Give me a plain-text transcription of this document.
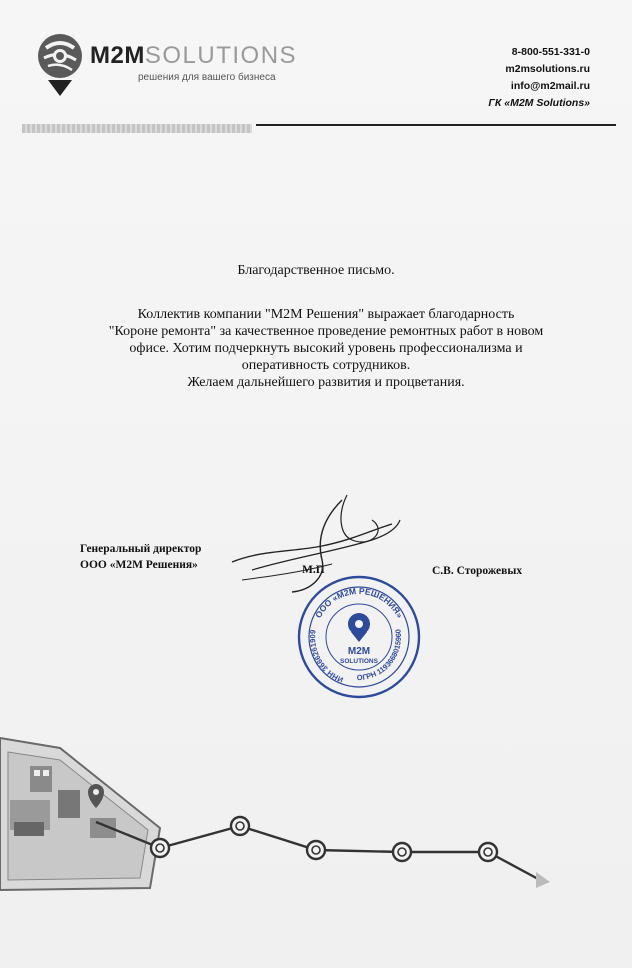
M2MSOLUTIONS
решения для вашего бизнеса
8-800-551-331-0
m2msolutions.ru
info@m2mail.ru
ГК «M2M Solutions»
Благодарственное письмо.
Коллектив компании "М2М Решения" выражает благодарность
"Короне ремонта" за качественное проведение ремонтных работ в новом
офисе. Хотим подчеркнуть высокий уровень профессионализма и
оперативность сотрудников.
Желаем дальнейшего развития и процветания.
Генеральный директор
ООО «М2М Решения»	М.П	С.В. Сторожевых
ООО «М2М РЕШЕНИЯ»
ИНН 3666261909
ОГРН 1193668015960
M2M
SOLUTIONS
